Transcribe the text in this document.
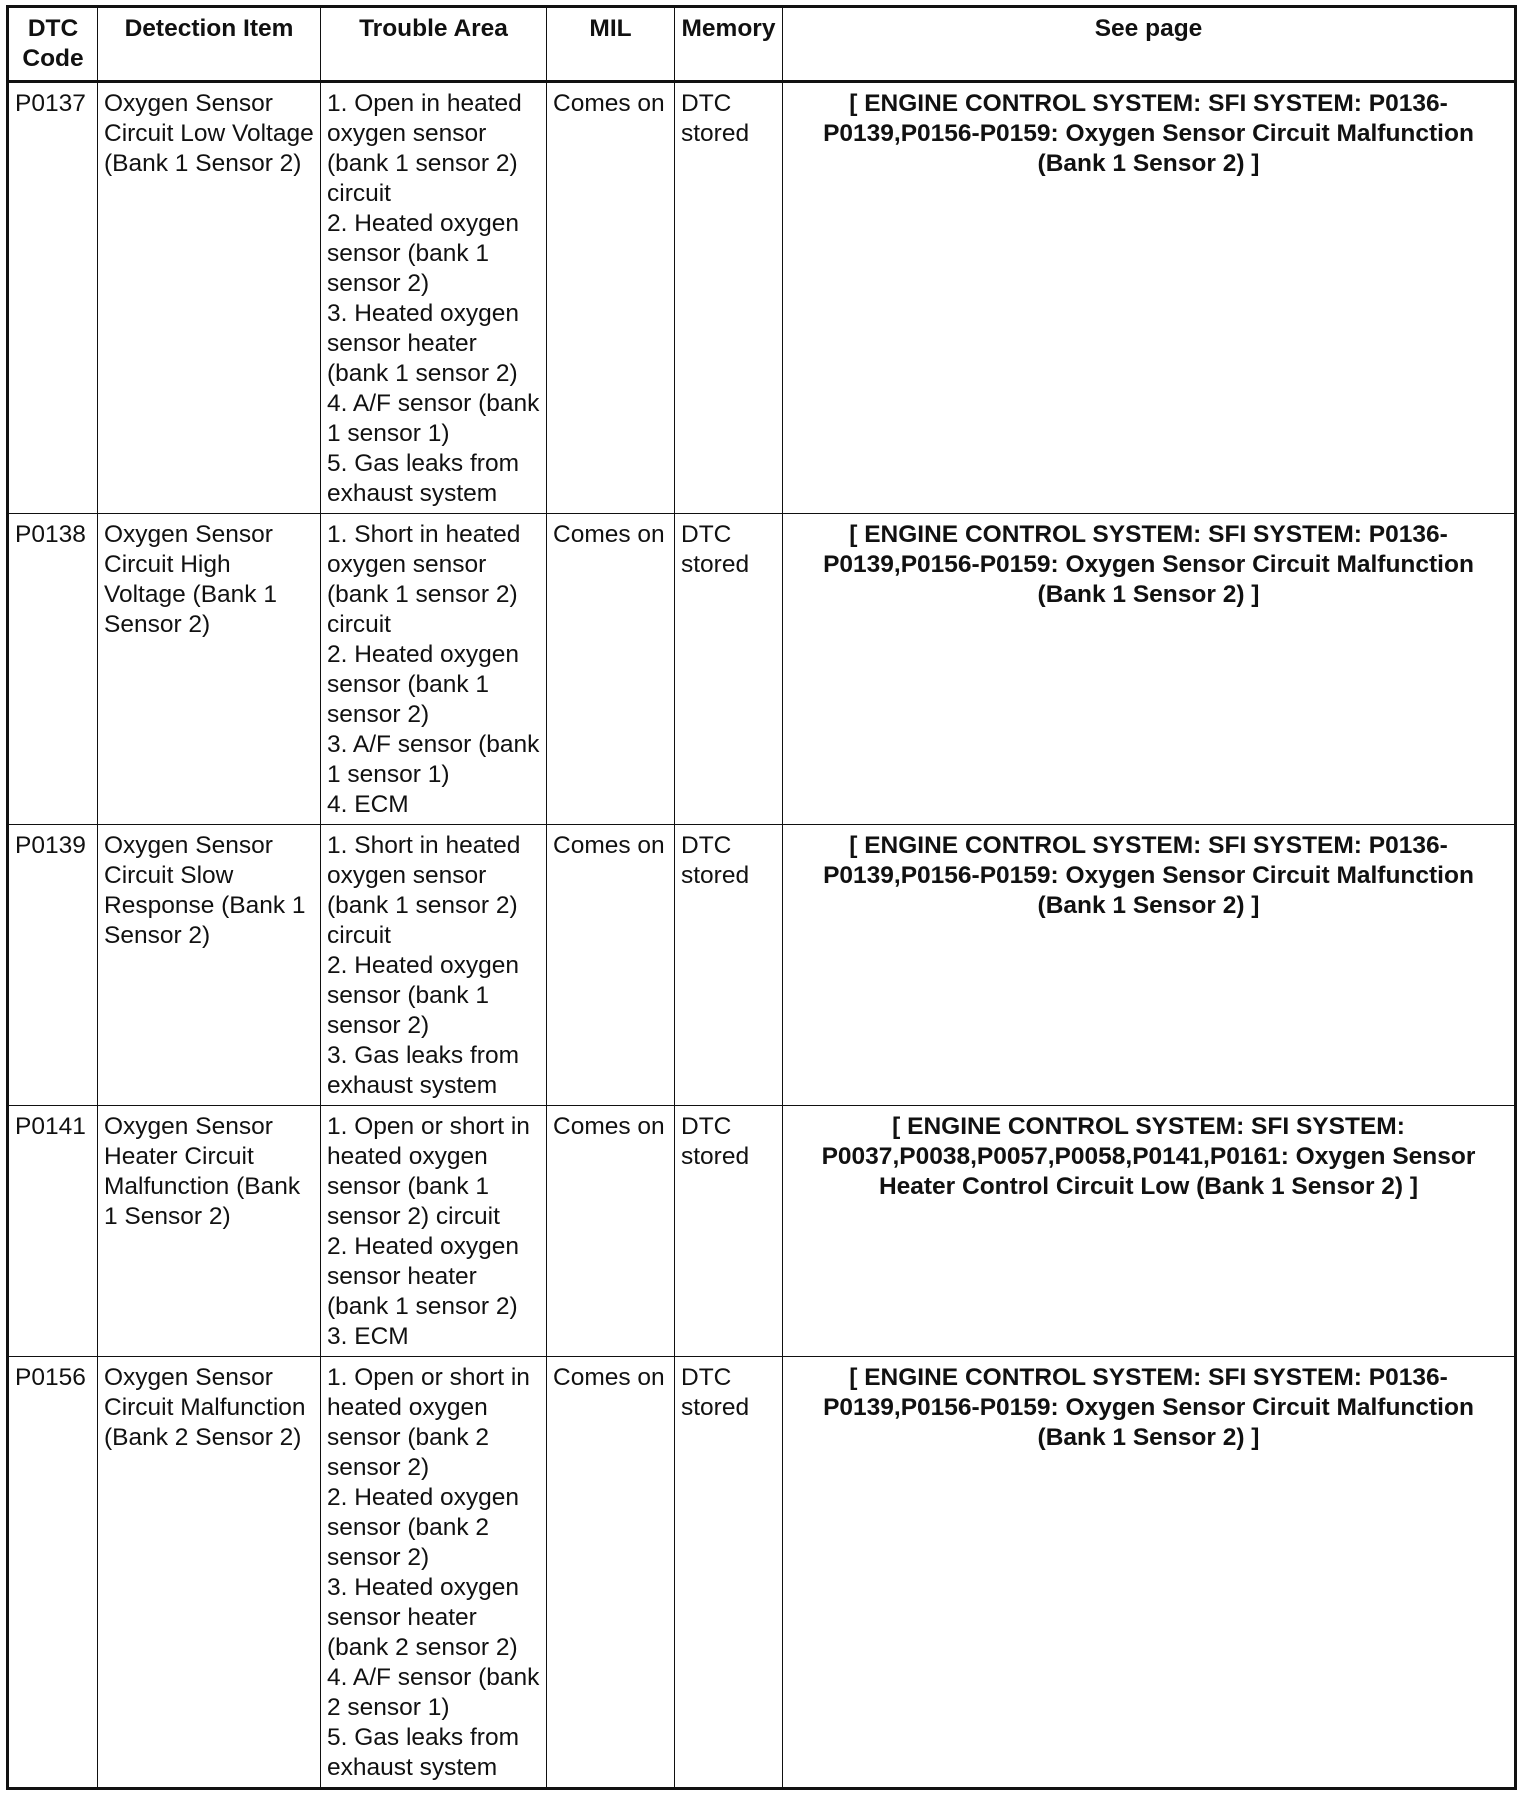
DTC Code	Detection Item	Trouble Area	MIL	Memory	See page
P0137	Oxygen Sensor Circuit Low Voltage (Bank 1 Sensor 2)	1. Open in heated oxygen sensor (bank 1 sensor 2) circuit
2. Heated oxygen sensor (bank 1 sensor 2)
3. Heated oxygen sensor heater (bank 1 sensor 2)
4. A/F sensor (bank 1 sensor 1)
5. Gas leaks from exhaust system	Comes on	DTC stored	[ ENGINE CONTROL SYSTEM: SFI SYSTEM: P0136-P0139,P0156-P0159: Oxygen Sensor Circuit Malfunction (Bank 1 Sensor 2) ]
P0138	Oxygen Sensor Circuit High Voltage (Bank 1 Sensor 2)	1. Short in heated oxygen sensor (bank 1 sensor 2) circuit
2. Heated oxygen sensor (bank 1 sensor 2)
3. A/F sensor (bank 1 sensor 1)
4. ECM	Comes on	DTC stored	[ ENGINE CONTROL SYSTEM: SFI SYSTEM: P0136-P0139,P0156-P0159: Oxygen Sensor Circuit Malfunction (Bank 1 Sensor 2) ]
P0139	Oxygen Sensor Circuit Slow Response (Bank 1 Sensor 2)	1. Short in heated oxygen sensor (bank 1 sensor 2) circuit
2. Heated oxygen sensor (bank 1 sensor 2)
3. Gas leaks from exhaust system	Comes on	DTC stored	[ ENGINE CONTROL SYSTEM: SFI SYSTEM: P0136-P0139,P0156-P0159: Oxygen Sensor Circuit Malfunction (Bank 1 Sensor 2) ]
P0141	Oxygen Sensor Heater Circuit Malfunction (Bank 1 Sensor 2)	1. Open or short in heated oxygen sensor (bank 1 sensor 2) circuit
2. Heated oxygen sensor heater (bank 1 sensor 2)
3. ECM	Comes on	DTC stored	[ ENGINE CONTROL SYSTEM: SFI SYSTEM: P0037,P0038,P0057,P0058,P0141,P0161: Oxygen Sensor Heater Control Circuit Low (Bank 1 Sensor 2) ]
P0156	Oxygen Sensor Circuit Malfunction (Bank 2 Sensor 2)	1. Open or short in heated oxygen sensor (bank 2 sensor 2)
2. Heated oxygen sensor (bank 2 sensor 2)
3. Heated oxygen sensor heater (bank 2 sensor 2)
4. A/F sensor (bank 2 sensor 1)
5. Gas leaks from exhaust system	Comes on	DTC stored	[ ENGINE CONTROL SYSTEM: SFI SYSTEM: P0136-P0139,P0156-P0159: Oxygen Sensor Circuit Malfunction (Bank 1 Sensor 2) ]
